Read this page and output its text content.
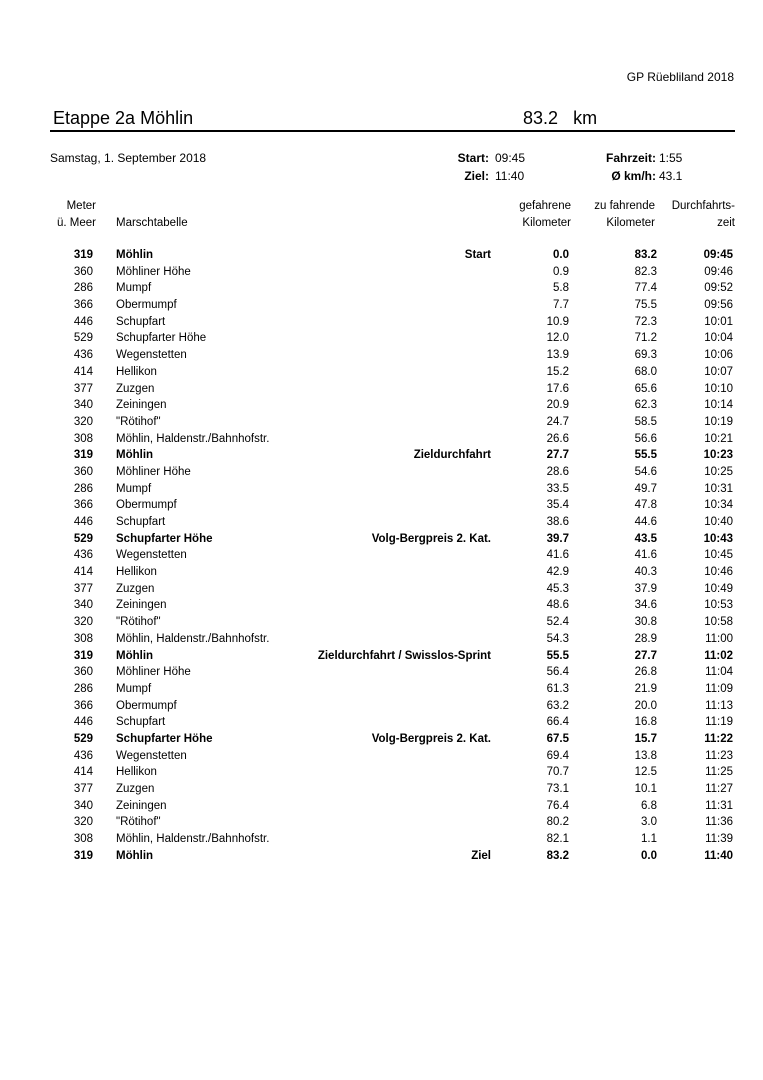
GP Rüebliland 2018
Etappe 2a Möhlin	83.2 km
Samstag, 1. September 2018	Start: 09:45
Ziel: 11:40
Fahrzeit: 1:55
Ø km/h: 43.1
Meter
ü. Meer Marschtabelle
gefahrene
Kilometer
zu fahrende
Kilometer
Durchfahrts-
zeit
319 Möhlin	Start	0.0	83.2	09:45
360 Möhliner Höhe	0.9	82.3	09:46
286 Mumpf	5.8	77.4	09:52
366 Obermumpf	7.7	75.5	09:56
446 Schupfart	10.9	72.3	10:01
529 Schupfarter Höhe	12.0	71.2	10:04
436 Wegenstetten	13.9	69.3	10:06
414 Hellikon	15.2	68.0	10:07
377 Zuzgen	17.6	65.6	10:10
340 Zeiningen	20.9	62.3	10:14
320 "Rötihof"	24.7	58.5	10:19
308 Möhlin, Haldenstr./Bahnhofstr.	26.6	56.6	10:21
319 Möhlin	Zieldurchfahrt	27.7	55.5	10:23
360 Möhliner Höhe	28.6	54.6	10:25
286 Mumpf	33.5	49.7	10:31
366 Obermumpf	35.4	47.8	10:34
446 Schupfart	38.6	44.6	10:40
529 Schupfarter Höhe	Volg-Bergpreis 2. Kat.	39.7	43.5	10:43
436 Wegenstetten	41.6	41.6	10:45
414 Hellikon	42.9	40.3	10:46
377 Zuzgen	45.3	37.9	10:49
340 Zeiningen	48.6	34.6	10:53
320 "Rötihof"	52.4	30.8	10:58
308 Möhlin, Haldenstr./Bahnhofstr.	54.3	28.9	11:00
319 Möhlin	Zieldurchfahrt / Swisslos-Sprint	55.5	27.7	11:02
360 Möhliner Höhe	56.4	26.8	11:04
286 Mumpf	61.3	21.9	11:09
366 Obermumpf	63.2	20.0	11:13
446 Schupfart	66.4	16.8	11:19
529 Schupfarter Höhe	Volg-Bergpreis 2. Kat.	67.5	15.7	11:22
436 Wegenstetten	69.4	13.8	11:23
414 Hellikon	70.7	12.5	11:25
377 Zuzgen	73.1	10.1	11:27
340 Zeiningen	76.4	6.8	11:31
320 "Rötihof"	80.2	3.0	11:36
308 Möhlin, Haldenstr./Bahnhofstr.	82.1	1.1	11:39
319 Möhlin	Ziel	83.2	0.0	11:40
